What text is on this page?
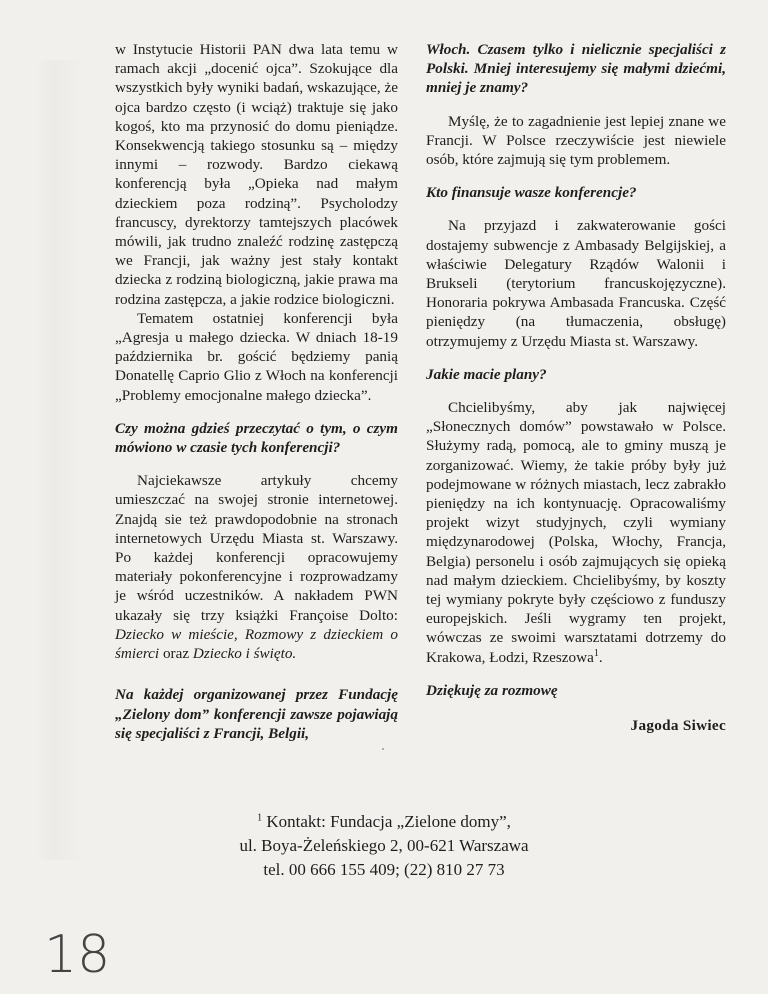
w Instytucie Historii PAN dwa lata temu w ramach akcji „docenić ojca”. Szokujące dla wszystkich były wyniki badań, wskazujące, że ojca bardzo często (i wciąż) traktuje się jako kogoś, kto ma przynosić do domu pieniądze. Konsekwencją takiego stosunku są – między innymi – rozwody. Bardzo ciekawą konferencją była „Opieka nad małym dzieckiem poza rodziną”. Psycholodzy francuscy, dyrektorzy tamtejszych placówek mówili, jak trudno znaleźć rodzinę zastępczą we Francji, jak ważny jest stały kontakt dziecka z rodziną biologiczną, jakie prawa ma rodzina zastępcza, a jakie rodzice biologiczni.

Tematem ostatniej konferencji była „Agresja u małego dziecka. W dniach 18-19 października br. gościć będziemy panią Donatellę Caprio Glio z Włoch na konferencji „Problemy emocjonalne małego dziecka”.

Czy można gdzieś przeczytać o tym, o czym mówiono w czasie tych konferencji?

Najciekawsze artykuły chcemy umieszczać na swojej stronie internetowej. Znajdą sie też prawdopodobnie na stronach internetowych Urzędu Miasta st. Warszawy. Po każdej konferencji opracowujemy materiały pokonferencyjne i rozprowadzamy je wśród uczestników. A nakładem PWN ukazały się trzy książki Françoise Dolto: Dziecko w mieście, Rozmowy z dzieckiem o śmierci oraz Dziecko i święto.

Na każdej organizowanej przez Fundację „Zielony dom” konferencji zawsze pojawiają się specjaliści z Francji, Belgii,

Włoch. Czasem tylko i nielicznie specjaliści z Polski. Mniej interesujemy się małymi dziećmi, mniej je znamy?

Myślę, że to zagadnienie jest lepiej znane we Francji. W Polsce rzeczywiście jest niewiele osób, które zajmują się tym problemem.

Kto finansuje wasze konferencje?

Na przyjazd i zakwaterowanie gości dostajemy subwencje z Ambasady Belgijskiej, a właściwie Delegatury Rządów Walonii i Brukseli (terytorium francuskojęzyczne). Honoraria pokrywa Ambasada Francuska. Część pieniędzy (na tłumaczenia, obsługę) otrzymujemy z Urzędu Miasta st. Warszawy.

Jakie macie plany?

Chcielibyśmy, aby jak najwięcej „Słonecznych domów” powstawało w Polsce. Służymy radą, pomocą, ale to gminy muszą je zorganizować. Wiemy, że takie próby były już podejmowane w różnych miastach, lecz zabrakło pieniędzy na ich kontynuację. Opracowaliśmy projekt wizyt studyjnych, czyli wymiany międzynarodowej (Polska, Włochy, Francja, Belgia) personelu i osób zajmujących się opieką nad małym dzieckiem. Chcielibyśmy, by koszty tej wymiany pokryte były częściowo z funduszy europejskich. Jeśli wygramy ten projekt, wówczas ze swoimi warsztatami dotrzemy do Krakowa, Łodzi, Rzeszowa$^1$.

Dziękuję za rozmowę

Jagoda Siwiec
$^1$ Kontakt: Fundacja „Zielone domy”,
ul. Boya-Żeleńskiego 2, 00-621 Warszawa
tel. 00 666 155 409; (22) 810 27 73
18
